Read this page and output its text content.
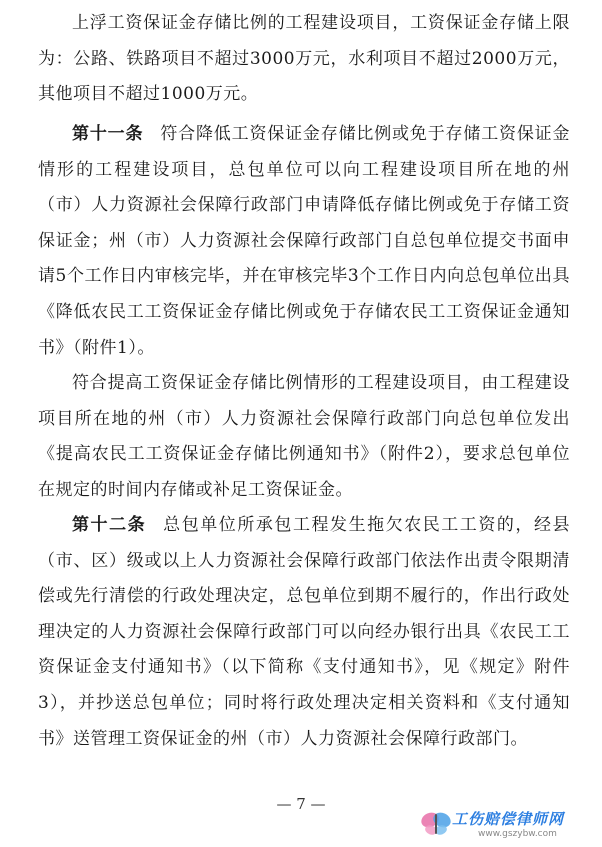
上浮工资保证金存储比例的工程建设项目，工资保证金存储上限为：公路、铁路项目不超过3000万元，水利项目不超过2000万元，其他项目不超过1000万元。

第十一条 符合降低工资保证金存储比例或免于存储工资保证金情形的工程建设项目，总包单位可以向工程建设项目所在地的州（市）人力资源社会保障行政部门申请降低存储比例或免于存储工资保证金；州（市）人力资源社会保障行政部门自总包单位提交书面申请5个工作日内审核完毕，并在审核完毕3个工作日内向总包单位出具《降低农民工工资保证金存储比例或免于存储农民工工资保证金通知书》（附件1）。

符合提高工资保证金存储比例情形的工程建设项目，由工程建设项目所在地的州（市）人力资源社会保障行政部门向总包单位发出《提高农民工工资保证金存储比例通知书》（附件2），要求总包单位在规定的时间内存储或补足工资保证金。

第十二条 总包单位所承包工程发生拖欠农民工工资的，经县（市、区）级或以上人力资源社会保障行政部门依法作出责令限期清偿或先行清偿的行政处理决定，总包单位到期不履行的，作出行政处理决定的人力资源社会保障行政部门可以向经办银行出具《农民工工资保证金支付通知书》（以下简称《支付通知书》，见《规定》附件3），并抄送总包单位；同时将行政处理决定相关资料和《支付通知书》送管理工资保证金的州（市）人力资源社会保障行政部门。

— 7 —
工伤赔偿律师网
www.gszybw.com
